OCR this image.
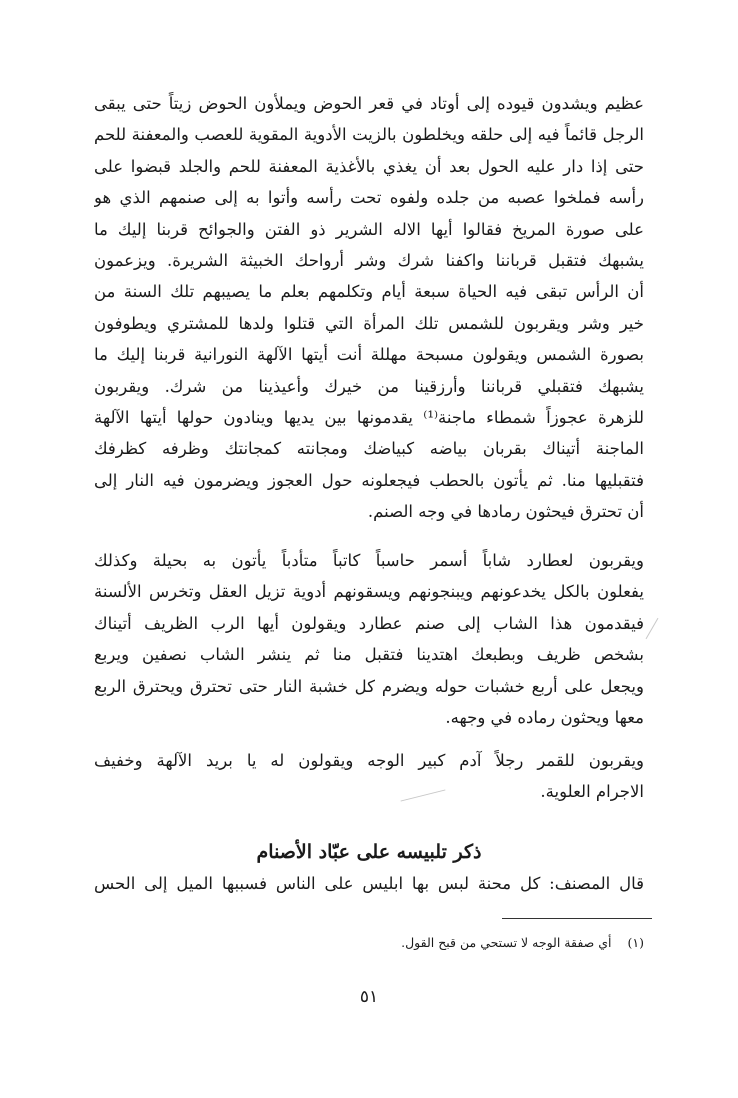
عظيم ويشدون قيوده إلى أوتاد في قعر الحوض ويملأون الحوض زيتاً حتى يبقى
الرجل قائماً فيه إلى حلقه ويخلطون بالزيت الأدوية المقوية للعصب والمعفنة للحم
حتى إذا دار عليه الحول بعد أن يغذي بالأغذية المعفنة للحم والجلد قبضوا على
رأسه فملخوا عصبه من جلده ولفوه تحت رأسه وأتوا به إلى صنمهم الذي هو
على صورة المريخ فقالوا أيها الاله الشرير ذو الفتن والجوائح قربنا إليك ما
يشبهك فتقبل قرباننا واكفنا شرك وشر أرواحك الخبيثة الشريرة. ويزعمون
أن الرأس تبقى فيه الحياة سبعة أيام وتكلمهم بعلم ما يصيبهم تلك السنة من
خير وشر ويقربون للشمس تلك المرأة التي قتلوا ولدها للمشتري ويطوفون
بصورة الشمس ويقولون مسبحة مهللة أنت أيتها الآلهة النورانية قربنا إليك ما
يشبهك فتقبلي قرباننا وأرزقينا من خيرك وأعيذينا من شرك. ويقربون
للزهرة عجوزاً شمطاء ماجنة⁽¹⁾ يقدمونها بين يديها وينادون حولها أيتها الآلهة
الماجنة أتيناك بقربان بياضه كبياضك ومجانته كمجانتك وظرفه كظرفك
فتقبليها منا. ثم يأتون بالحطب فيجعلونه حول العجوز ويضرمون فيه النار إلى
أن تحترق فيحثون رمادها في وجه الصنم.
ويقربون لعطارد شاباً أسمر حاسباً كاتباً متأدباً يأتون به بحيلة وكذلك
يفعلون بالكل يخدعونهم ويبنجونهم ويسقونهم أدوية تزيل العقل وتخرس الألسنة
فيقدمون هذا الشاب إلى صنم عطارد ويقولون أيها الرب الظريف أتيناك
بشخص ظريف وبطبعك اهتدينا فتقبل منا ثم ينشر الشاب نصفين ويربع
ويجعل على أربع خشبات حوله ويضرم كل خشبة النار حتى تحترق ويحترق الربع
معها ويحثون رماده في وجهه.
ويقربون للقمر رجلاً آدم كبير الوجه ويقولون له يا بريد الآلهة وخفيف
الاجرام العلوية.
ذكر تلبيسه على عبّاد الأصنام
قال المصنف: كل محنة لبس بها ابليس على الناس فسببها الميل إلى الحس
(١)أي صفقة الوجه لا تستحي من قبح القول.
٥١
